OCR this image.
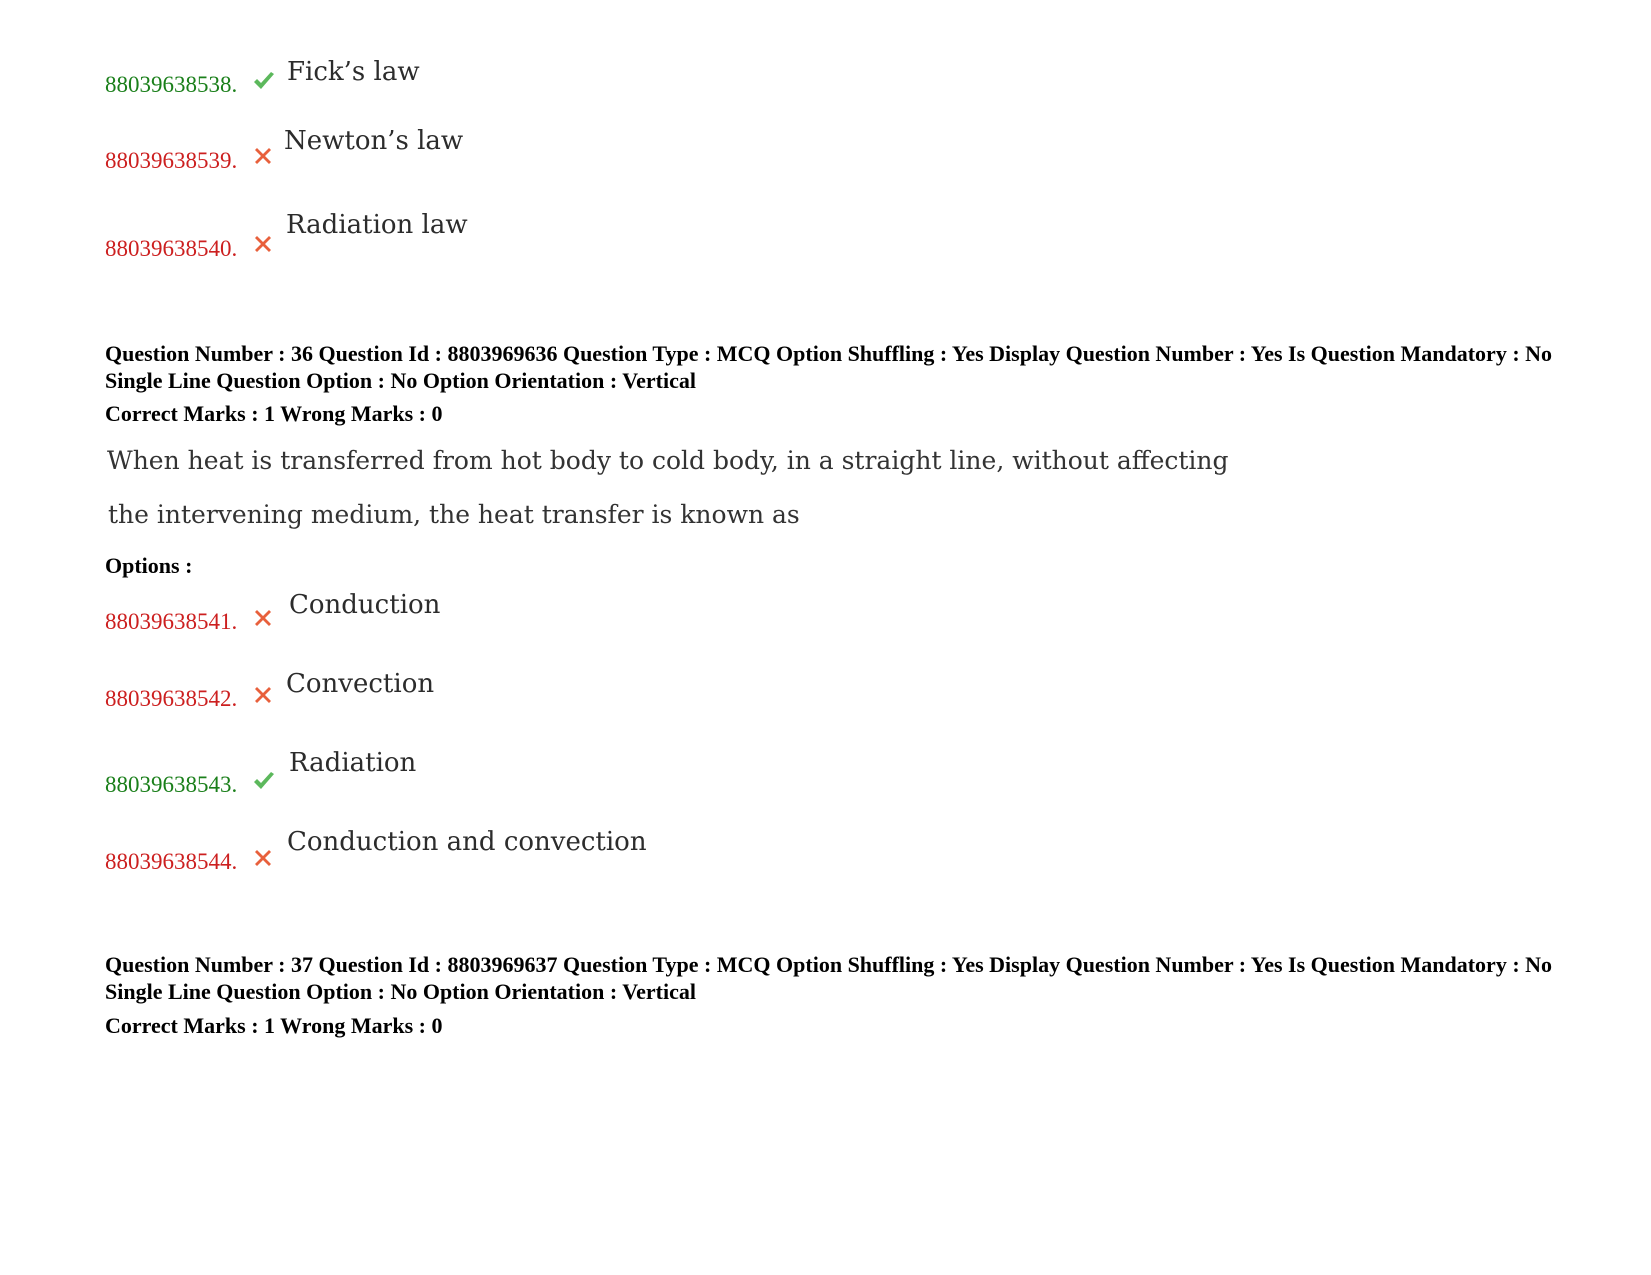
88039638538. Fick’s law
88039638539.
Newton’s law
88039638540.
Radiation law
Question Number : 36 Question Id : 8803969636 Question Type : MCQ Option Shuffling : Yes Display Question Number : Yes Is Question Mandatory : No Single Line Question Option : No Option Orientation : Vertical
Correct Marks : 1 Wrong Marks : 0
When heat is transferred from hot body to cold body, in a straight line, without affecting
the intervening medium, the heat transfer is known as
Options :
88039638541.
Conduction
88039638542. Convection
88039638543.
Radiation
88039638544.
Conduction and convection
Question Number : 37 Question Id : 8803969637 Question Type : MCQ Option Shuffling : Yes Display Question Number : Yes Is Question Mandatory : No Single Line Question Option : No Option Orientation : Vertical
Correct Marks : 1 Wrong Marks : 0
